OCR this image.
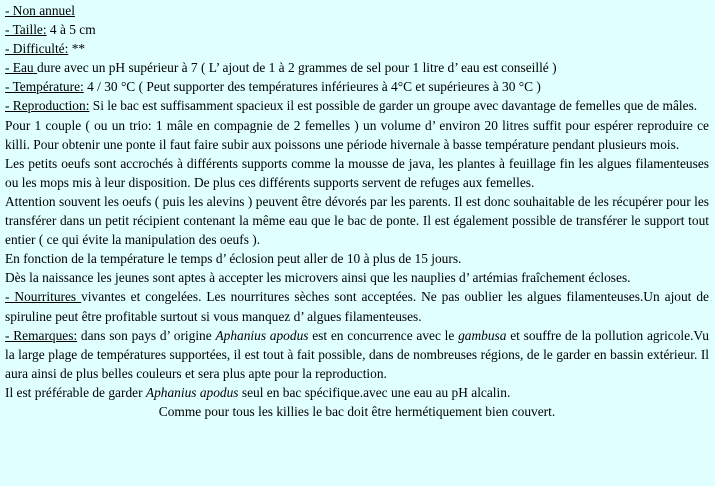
- Non annuel
- Taille: 4 à 5 cm
- Difficulté: **
- Eau dure avec un pH supérieur à 7 ( L’ ajout de 1 à 2 grammes de sel pour 1 litre d’ eau est conseillé )
- Température: 4 / 30 °C ( Peut supporter des températures inférieures à 4°C et supérieures à 30 °C )
- Reproduction: Si le bac est suffisamment spacieux il est possible de garder un groupe avec davantage de femelles que de mâles.
Pour 1 couple ( ou un trio: 1 mâle en compagnie de 2 femelles ) un volume d’ environ 20 litres suffit pour espérer reproduire ce killi. Pour obtenir une ponte il faut faire subir aux poissons une période hivernale à basse température pendant plusieurs mois.
Les petits oeufs sont accrochés à différents supports comme la mousse de java, les plantes à feuillage fin les algues filamenteuses ou les mops mis à leur disposition. De plus ces différents supports servent de refuges aux femelles.
Attention souvent les oeufs ( puis les alevins ) peuvent être dévorés par les parents. Il est donc souhaitable de les récupérer pour les transférer dans un petit récipient contenant la même eau que le bac de ponte. Il est également possible de transférer le support tout entier ( ce qui évite la manipulation des oeufs ).
En fonction de la température le temps d’ éclosion peut aller de 10 à plus de 15 jours.
Dès la naissance les jeunes sont aptes à accepter les microvers ainsi que les nauplies d’ artémias fraîchement écloses.
- Nourritures vivantes et congelées. Les nourritures sèches sont acceptées. Ne pas oublier les algues filamenteuses.Un ajout de spiruline peut être profitable surtout si vous manquez d’ algues filamenteuses.
- Remarques: dans son pays d’ origine Aphanius apodus est en concurrence avec le gambusa et souffre de la pollution agricole.Vu la large plage de températures supportées, il est tout à fait possible, dans de nombreuses régions, de le garder en bassin extérieur. Il aura ainsi de plus belles couleurs et sera plus apte pour la reproduction.
Il est préférable de garder Aphanius apodus seul en bac spécifique.avec une eau au pH alcalin.
Comme pour tous les killies le bac doit être hermétiquement bien couvert.
